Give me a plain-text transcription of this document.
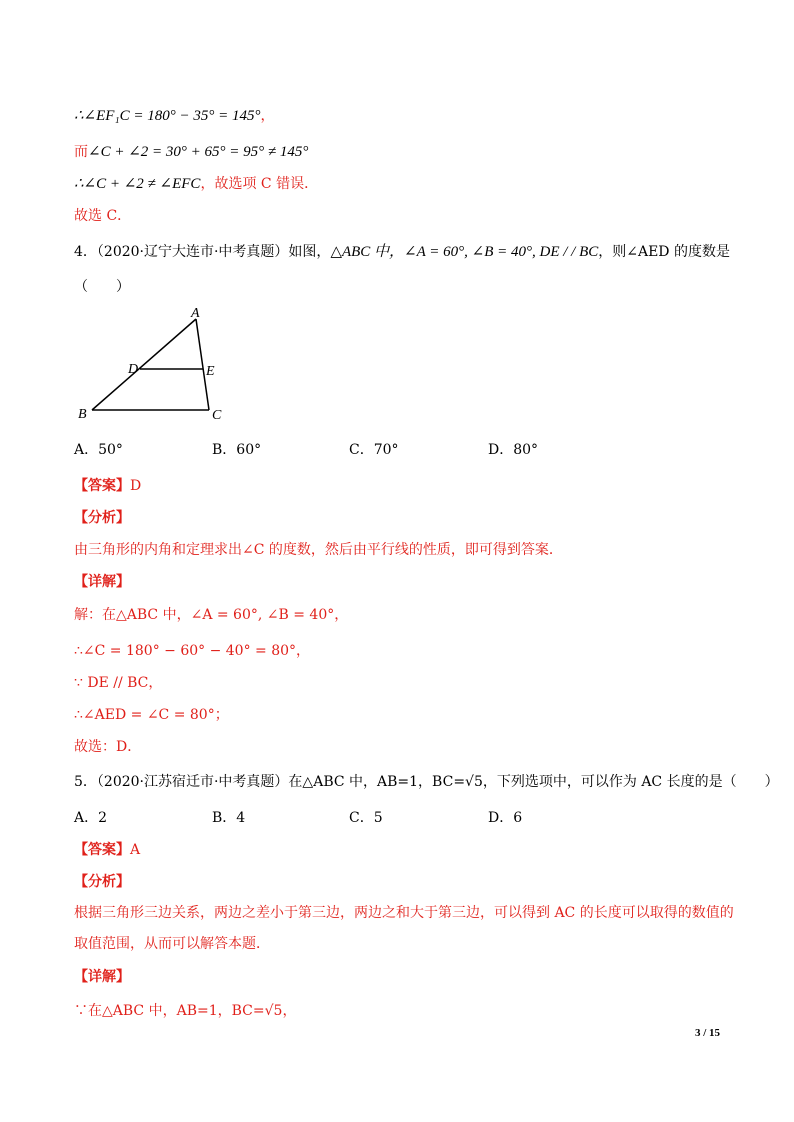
∴∠EF₁C = 180° − 35° = 145°，
而∠C + ∠2 = 30° + 65° = 95° ≠ 145°
∴∠C + ∠2 ≠ ∠EFC，故选项 C 错误．
故选 C．
4．（2020·辽宁大连市·中考真题）如图，△ABC 中，∠A = 60°, ∠B = 40°, DE / / BC，则∠AED 的度数是
（　　）
A
D	E
B	C
A．50°	B．60°	C．70°	D．80°
【答案】D
【分析】
由三角形的内角和定理求出∠C 的度数，然后由平行线的性质，即可得到答案．
【详解】
解：在△ABC 中，∠A = 60°, ∠B = 40°，
∴∠C = 180° − 60° − 40° = 80°，
∵ DE // BC，
∴∠AED = ∠C = 80°；
故选：D．
5．（2020·江苏宿迁市·中考真题）在△ABC 中，AB=1，BC=√5，下列选项中，可以作为 AC 长度的是（　　）
A．2	B．4	C．5	D．6
【答案】A
【分析】
根据三角形三边关系，两边之差小于第三边，两边之和大于第三边，可以得到 AC 的长度可以取得的数值的
取值范围，从而可以解答本题．
【详解】
∵在△ABC 中，AB=1，BC=√5，
3 / 15
